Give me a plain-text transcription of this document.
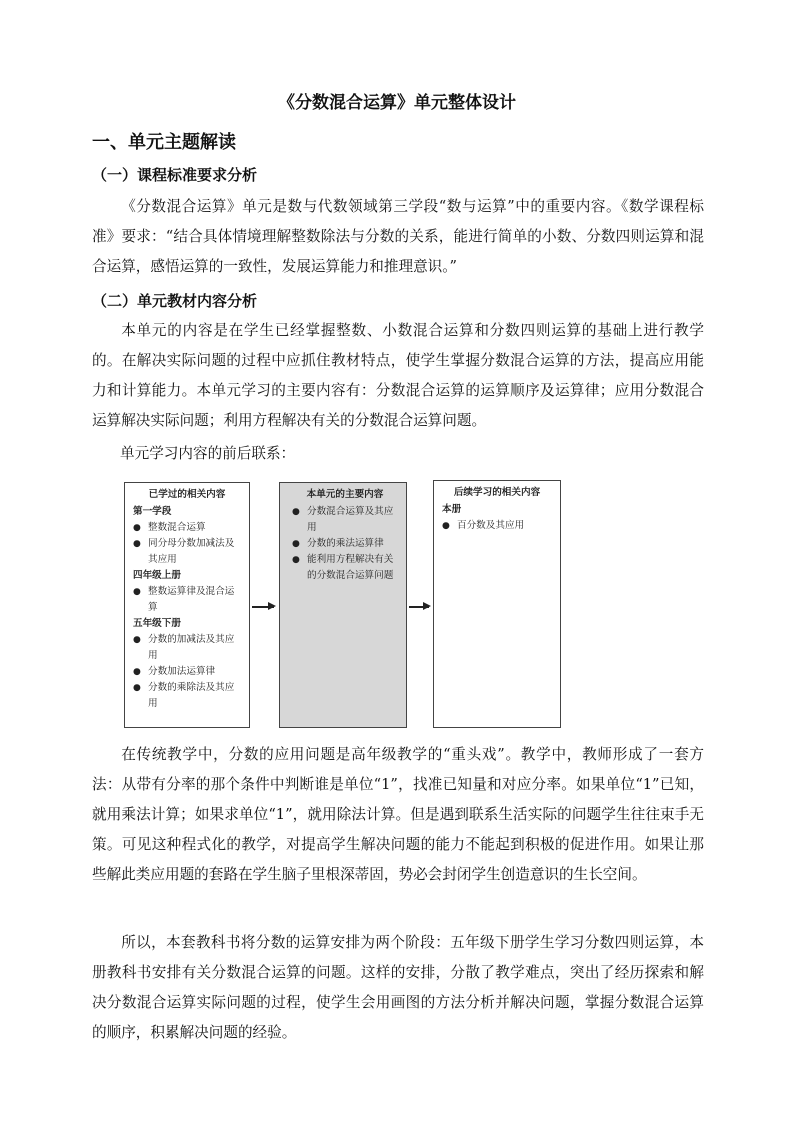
《分数混合运算》单元整体设计
一、单元主题解读
（一）课程标准要求分析

《分数混合运算》单元是数与代数领域第三学段“数与运算”中的重要内容。《数学课程标准》要求：“结合具体情境理解整数除法与分数的关系，能进行简单的小数、分数四则运算和混合运算，感悟运算的一致性，发展运算能力和推理意识。”

（二）单元教材内容分析

本单元的内容是在学生已经掌握整数、小数混合运算和分数四则运算的基础上进行教学的。在解决实际问题的过程中应抓住教材特点，使学生掌握分数混合运算的方法，提高应用能力和计算能力。本单元学习的主要内容有：分数混合运算的运算顺序及运算律；应用分数混合运算解决实际问题；利用方程解决有关的分数混合运算问题。

单元学习内容的前后联系：
已学过的相关内容
第一学段
● 整数混合运算
● 同分母分数加减法及其应用
四年级上册
● 整数运算律及混合运算
五年级下册
● 分数的加减法及其应用
● 分数加法运算律
● 分数的乘除法及其应用
本单元的主要内容
● 分数混合运算及其应用
● 分数的乘法运算律
● 能利用方程解决有关的分数混合运算问题
后续学习的相关内容
本册
● 百分数及其应用

在传统教学中，分数的应用问题是高年级教学的“重头戏”。教学中，教师形成了一套方法：从带有分率的那个条件中判断谁是单位“1”，找准已知量和对应分率。如果单位“1”已知，就用乘法计算；如果求单位“1”，就用除法计算。但是遇到联系生活实际的问题学生往往束手无策。可见这种程式化的教学，对提高学生解决问题的能力不能起到积极的促进作用。如果让那些解此类应用题的套路在学生脑子里根深蒂固，势必会封闭学生创造意识的生长空间。

所以，本套教科书将分数的运算安排为两个阶段：五年级下册学生学习分数四则运算，本册教科书安排有关分数混合运算的问题。这样的安排，分散了教学难点，突出了经历探索和解决分数混合运算实际问题的过程，使学生会用画图的方法分析并解决问题，掌握分数混合运算的顺序，积累解决问题的经验。
